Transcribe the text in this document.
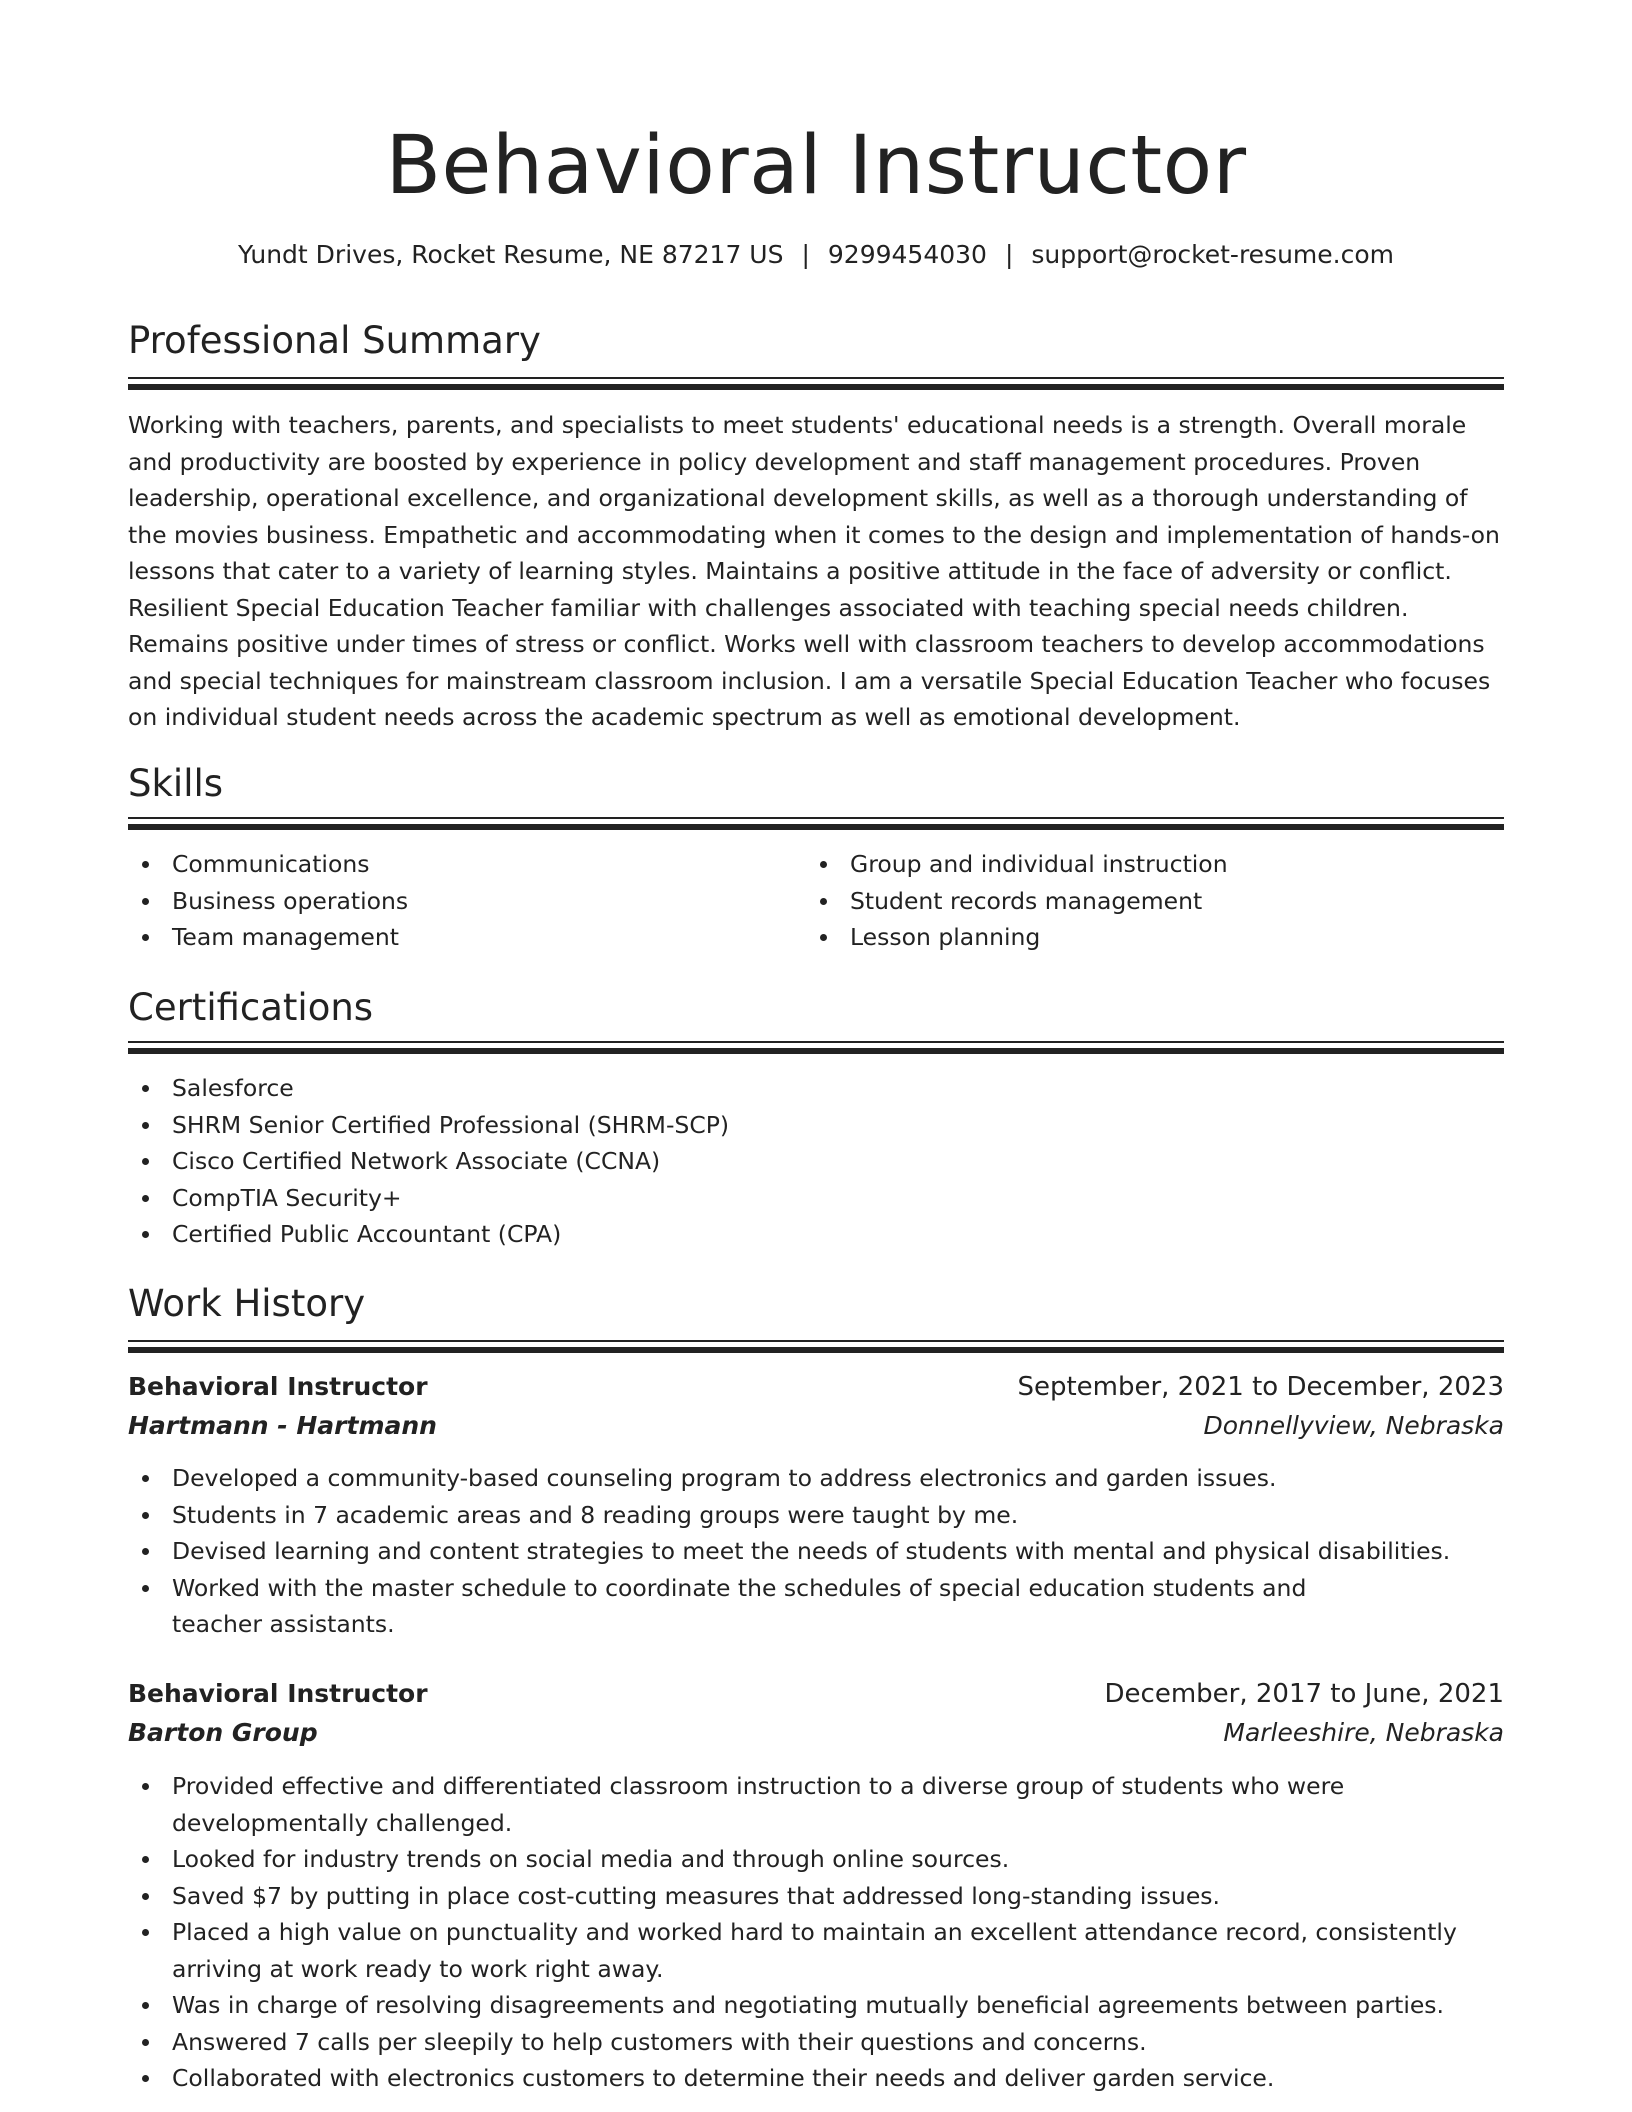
Behavioral Instructor
Yundt Drives, Rocket Resume, NE 87217 US | 9299454030 | support@rocket-resume.com
Professional Summary

Working with teachers, parents, and specialists to meet students' educational needs is a strength. Overall morale and productivity are boosted by experience in policy development and staff management procedures. Proven leadership, operational excellence, and organizational development skills, as well as a thorough understanding of the movies business. Empathetic and accommodating when it comes to the design and implementation of hands-on lessons that cater to a variety of learning styles. Maintains a positive attitude in the face of adversity or conflict. Resilient Special Education Teacher familiar with challenges associated with teaching special needs children. Remains positive under times of stress or conflict. Works well with classroom teachers to develop accommodations and special techniques for mainstream classroom inclusion. I am a versatile Special Education Teacher who focuses on individual student needs across the academic spectrum as well as emotional development.

Skills
Communications
Business operations
Team management
Group and individual instruction
Student records management
Lesson planning
Certifications
Salesforce
SHRM Senior Certified Professional (SHRM-SCP)
Cisco Certified Network Associate (CCNA)
CompTIA Security+
Certified Public Accountant (CPA)
Work History
Behavioral Instructor	September, 2021 to December, 2023
Hartmann - Hartmann	Donnellyview, Nebraska
Developed a community-based counseling program to address electronics and garden issues.
Students in 7 academic areas and 8 reading groups were taught by me.
Devised learning and content strategies to meet the needs of students with mental and physical disabilities.
Worked with the master schedule to coordinate the schedules of special education students and teacher assistants.
Behavioral Instructor	December, 2017 to June, 2021
Barton Group	Marleeshire, Nebraska
Provided effective and differentiated classroom instruction to a diverse group of students who were developmentally challenged.
Looked for industry trends on social media and through online sources.
Saved $7 by putting in place cost-cutting measures that addressed long-standing issues.
Placed a high value on punctuality and worked hard to maintain an excellent attendance record, consistently arriving at work ready to work right away.
Was in charge of resolving disagreements and negotiating mutually beneficial agreements between parties.
Answered 7 calls per sleepily to help customers with their questions and concerns.
Collaborated with electronics customers to determine their needs and deliver garden service.
